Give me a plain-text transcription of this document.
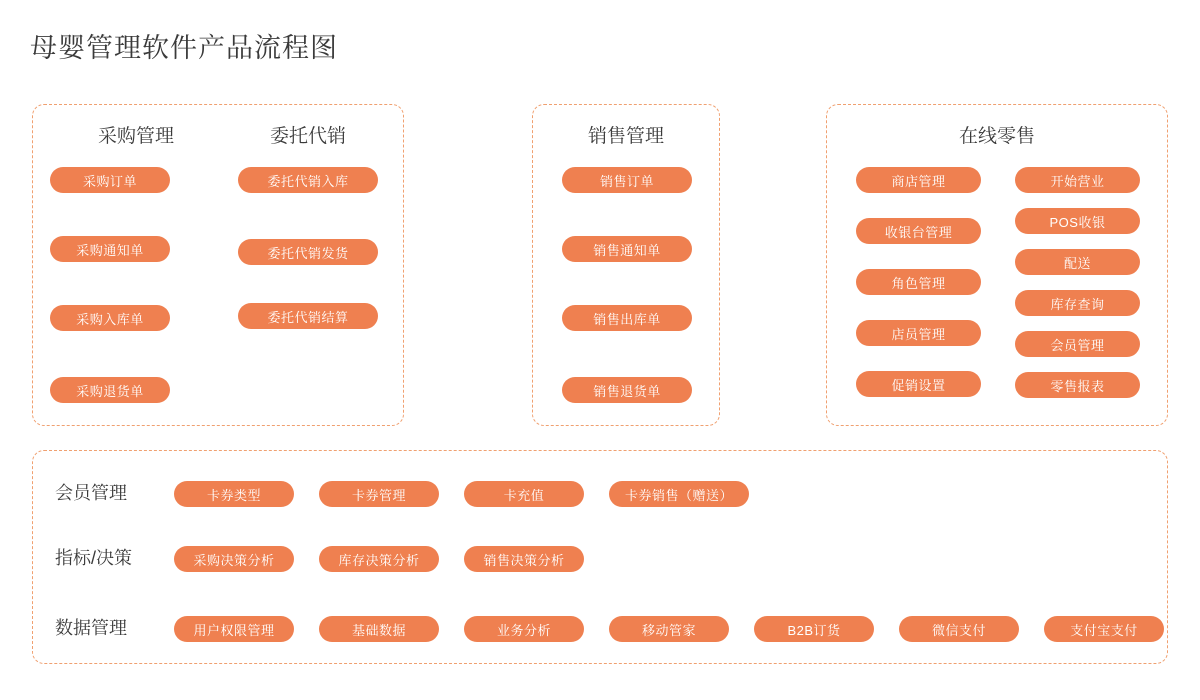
母婴管理软件产品流程图
采购管理	委托代销
采购订单
采购通知单
采购入库单
采购退货单
委托代销入库
委托代销发货
委托代销结算
销售管理
销售订单
销售通知单
销售出库单
销售退货单
在线零售
商店管理
收银台管理
角色管理
店员管理
促销设置
开始营业
POS收银
配送
库存查询
会员管理
零售报表
会员管理	卡券类型	卡券管理	卡充值	卡券销售（赠送）
指标/决策	采购决策分析	库存决策分析	销售决策分析
数据管理	用户权限管理	基础数据	业务分析	移动管家	B2B订货	微信支付	支付宝支付
